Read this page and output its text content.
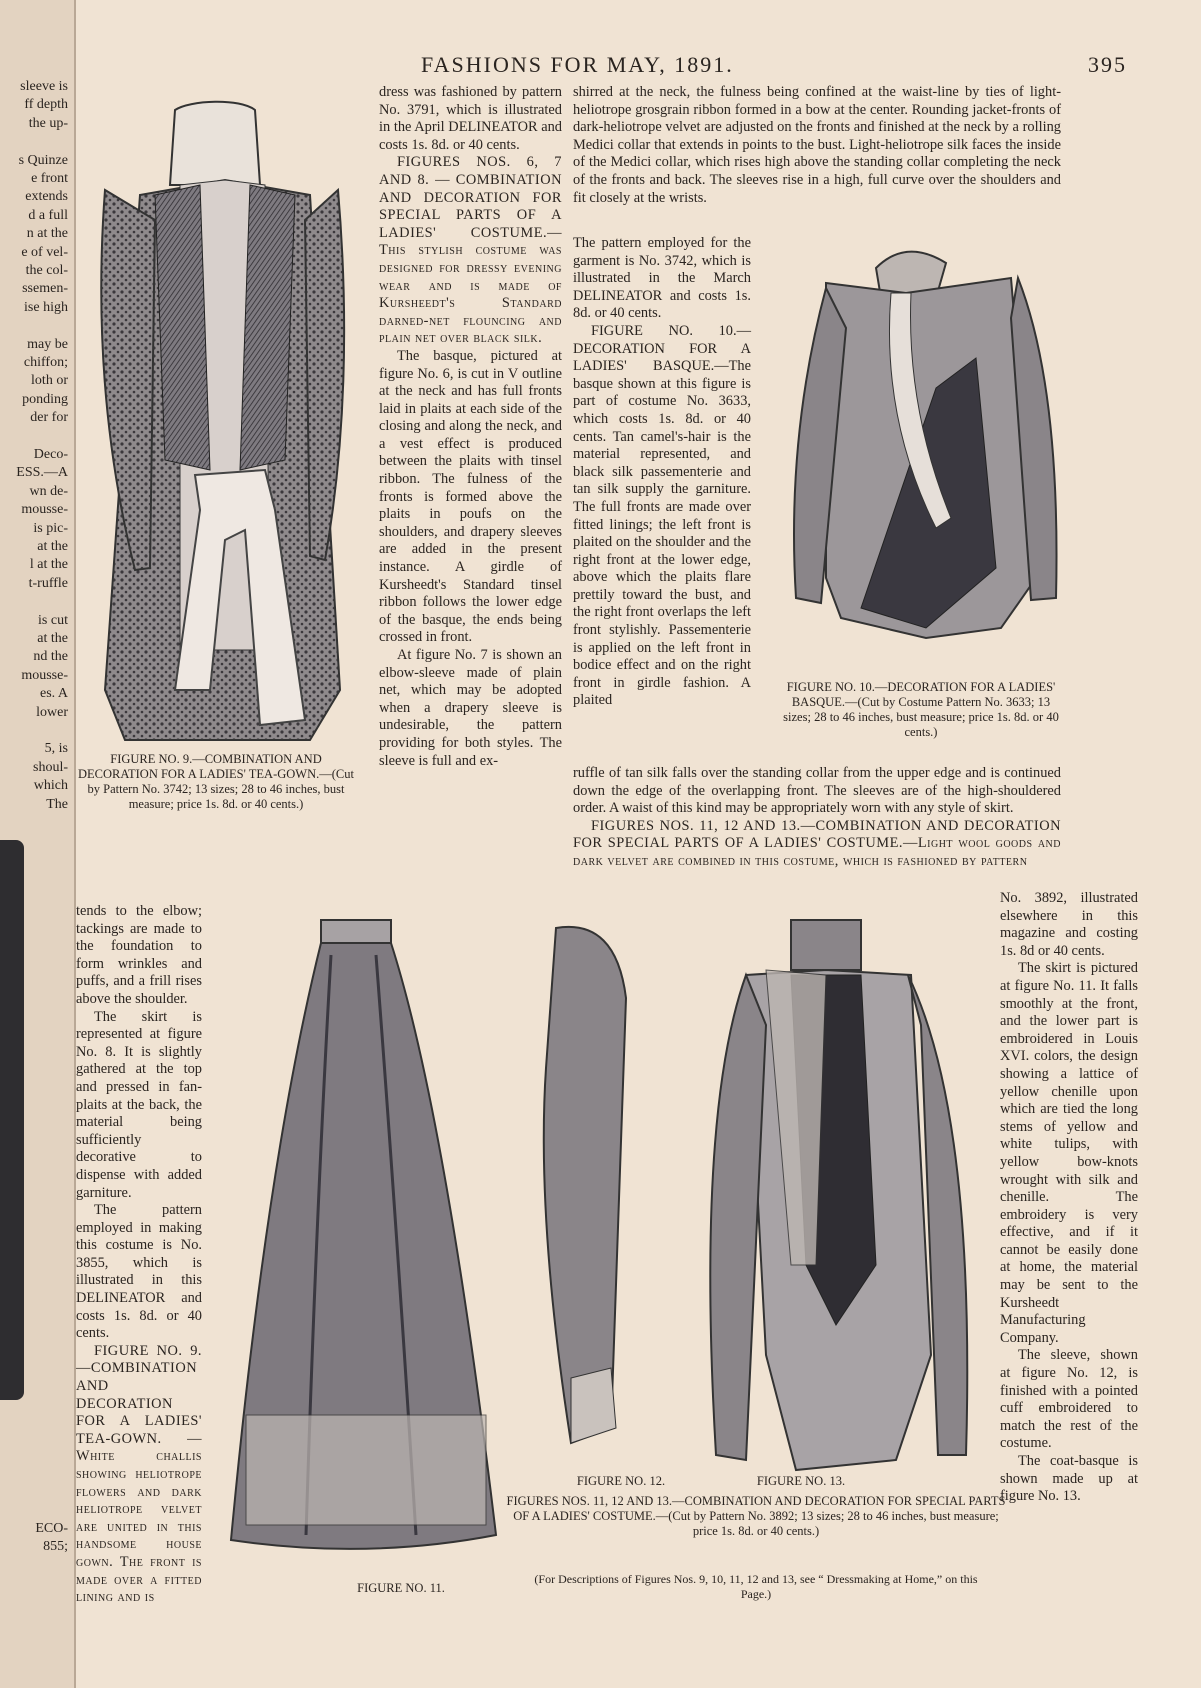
sleeve is
ff depth
the up-
s Quinze
e front
extends
d a full
n at the
e of vel-
the col-
ssemen-
ise high
may be
chiffon;
loth or
ponding
der for
Deco-
ESS.—A
wn de-
mousse-
is pic-
at the
l at the
t-ruffle
is cut
at the
nd the
mousse-
es. A
lower
5, is
shoul-
which
The
ECO-
855;
FASHIONS FOR MAY, 1891.	395
FIGURE NO. 9.—COMBINATION AND DECORATION FOR A LADIES' TEA-GOWN.—(Cut by Pattern No. 3742; 13 sizes; 28 to 46 inches, bust measure; price 1s. 8d. or 40 cents.)

dress was fashioned by pattern No. 3791, which is illustrated in the April DELINEATOR and costs 1s. 8d. or 40 cents.

FIGURES NOS. 6, 7 AND 8. — COMBINATION AND DECORATION FOR SPECIAL PARTS OF A LADIES' COSTUME.— This stylish costume was designed for dressy evening wear and is made of Kursheedt's Standard darned-net flouncing and plain net over black silk.

The basque, pictured at figure No. 6, is cut in V outline at the neck and has full fronts laid in plaits at each side of the closing and along the neck, and a vest effect is produced between the plaits with tinsel ribbon. The fulness of the fronts is formed above the plaits in poufs on the shoulders, and drapery sleeves are added in the present instance. A girdle of Kursheedt's Standard tinsel ribbon follows the lower edge of the basque, the ends being crossed in front.

At figure No. 7 is shown an elbow-sleeve made of plain net, which may be adopted when a drapery sleeve is undesirable, the pattern providing for both styles. The sleeve is full and ex-

shirred at the neck, the fulness being confined at the waist-line by ties of light-heliotrope grosgrain ribbon formed in a bow at the center. Rounding jacket-fronts of dark-heliotrope velvet are adjusted on the fronts and finished at the neck by a rolling Medici collar that extends in points to the bust. Light-heliotrope silk faces the inside of the Medici collar, which rises high above the standing collar completing the neck of the fronts and back. The sleeves rise in a high, full curve over the shoulders and fit closely at the wrists.

The pattern employed for the garment is No. 3742, which is illustrated in the March DELINEATOR and costs 1s. 8d. or 40 cents.

FIGURE NO. 10.—DECORATION FOR A LADIES' BASQUE.—The basque shown at this figure is part of costume No. 3633, which costs 1s. 8d. or 40 cents. Tan camel's-hair is the material represented, and black silk passementerie and tan silk supply the garniture. The full fronts are made over fitted linings; the left front is plaited on the shoulder and the right front at the lower edge, above which the plaits flare prettily toward the bust, and the right front overlaps the left front stylishly. Passementerie is applied on the left front in bodice effect and on the right front in girdle fashion. A plaited

FIGURE NO. 10.—DECORATION FOR A LADIES' BASQUE.—(Cut by Costume Pattern No. 3633; 13 sizes; 28 to 46 inches, bust measure; price 1s. 8d. or 40 cents.)

ruffle of tan silk falls over the standing collar from the upper edge and is continued down the edge of the overlapping front. The sleeves are of the high-shouldered order. A waist of this kind may be appropriately worn with any style of skirt.

FIGURES NOS. 11, 12 AND 13.—COMBINATION AND DECORATION FOR SPECIAL PARTS OF A LADIES' COSTUME.—Light wool goods and dark velvet are combined in this costume, which is fashioned by pattern

tends to the elbow; tackings are made to the foundation to form wrinkles and puffs, and a frill rises above the shoulder.

The skirt is represented at figure No. 8. It is slightly gathered at the top and pressed in fan-plaits at the back, the material being sufficiently decorative to dispense with added garniture.

The pattern employed in making this costume is No. 3855, which is illustrated in this DELINEATOR and costs 1s. 8d. or 40 cents.

FIGURE NO. 9.—COMBINATION AND DECORATION FOR A LADIES' TEA-GOWN. —White challis showing heliotrope flowers and dark heliotrope velvet are united in this handsome house gown. The front is made over a fitted lining and is

FIGURE NO. 11.
FIGURE NO. 12.	FIGURE NO. 13.
FIGURES NOS. 11, 12 AND 13.—COMBINATION AND DECORATION FOR SPECIAL PARTS OF A LADIES' COSTUME.—(Cut by Pattern No. 3892; 13 sizes; 28 to 46 inches, bust measure; price 1s. 8d. or 40 cents.)
(For Descriptions of Figures Nos. 9, 10, 11, 12 and 13, see “ Dressmaking at Home,” on this Page.)

No. 3892, illustrated elsewhere in this magazine and costing 1s. 8d or 40 cents.

The skirt is pictured at figure No. 11. It falls smoothly at the front, and the lower part is embroidered in Louis XVI. colors, the design showing a lattice of yellow chenille upon which are tied the long stems of yellow and white tulips, with yellow bow-knots wrought with silk and chenille. The embroidery is very effective, and if it cannot be easily done at home, the material may be sent to the Kursheedt Manufacturing Company.

The sleeve, shown at figure No. 12, is finished with a pointed cuff embroidered to match the rest of the costume.

The coat-basque is shown made up at figure No. 13.
